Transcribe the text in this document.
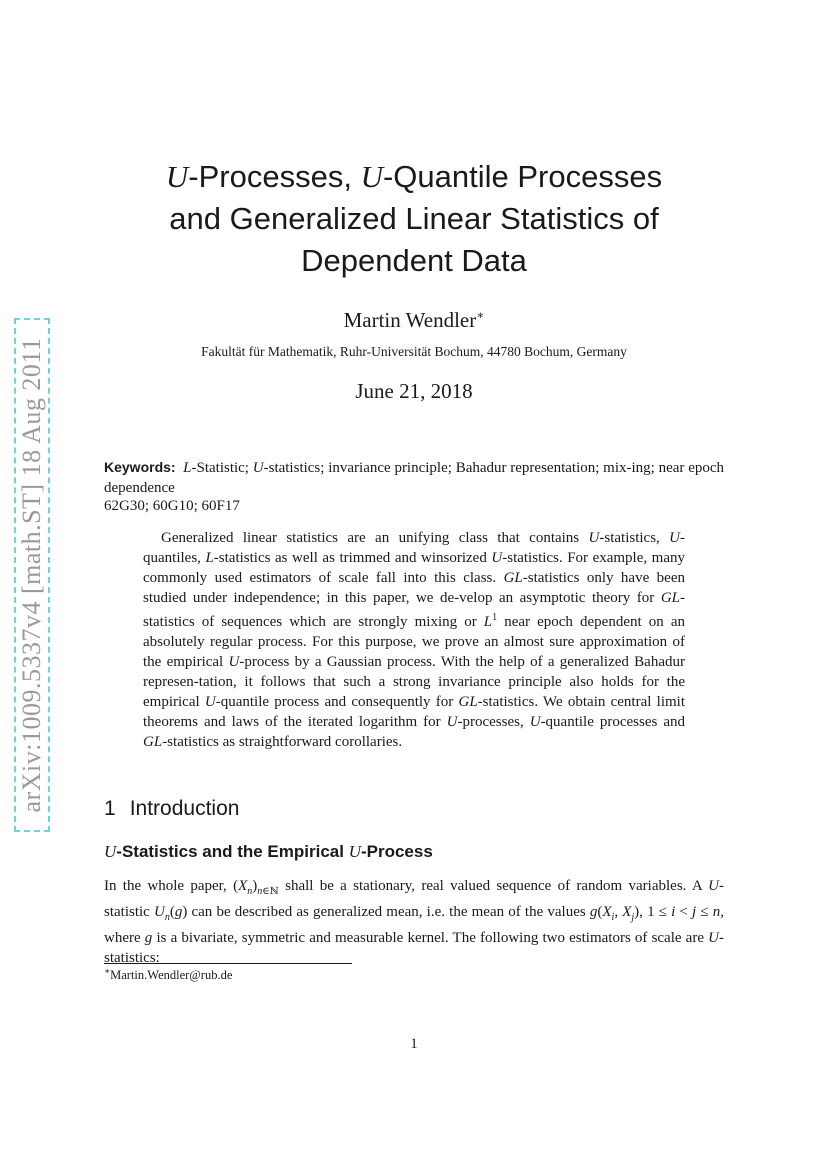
arXiv:1009.5337v4 [math.ST] 18 Aug 2011
U-Processes, U-Quantile Processes
and Generalized Linear Statistics of
Dependent Data
Martin Wendler∗
Fakultät für Mathematik, Ruhr-Universität Bochum, 44780 Bochum, Germany
June 21, 2018
Keywords: L-Statistic; U-statistics; invariance principle; Bahadur representation; mix-ing; near epoch dependence
62G30; 60G10; 60F17

Generalized linear statistics are an unifying class that contains U-statistics, U-quantiles, L-statistics as well as trimmed and winsorized U-statistics. For example, many commonly used estimators of scale fall into this class. GL-statistics only have been studied under independence; in this paper, we de-velop an asymptotic theory for GL-statistics of sequences which are strongly mixing or $L^1$ near epoch dependent on an absolutely regular process. For this purpose, we prove an almost sure approximation of the empirical U-process by a Gaussian process. With the help of a generalized Bahadur represen-tation, it follows that such a strong invariance principle also holds for the empirical U-quantile process and consequently for GL-statistics. We obtain central limit theorems and laws of the iterated logarithm for U-processes, U-quantile processes and GL-statistics as straightforward corollaries.

1 Introduction
U-Statistics and the Empirical U-Process

In the whole paper, $(X_n)_{n\in ℕ}$ shall be a stationary, real valued sequence of random variables. A U-statistic $U_n(g)$ can be described as generalized mean, i.e. the mean of the values $g(X_i$, $X_j$), 1 ≤ i < j ≤ n, where g is a bivariate, symmetric and measurable kernel. The following two estimators of scale are U-statistics:

∗Martin.Wendler@rub.de
1
